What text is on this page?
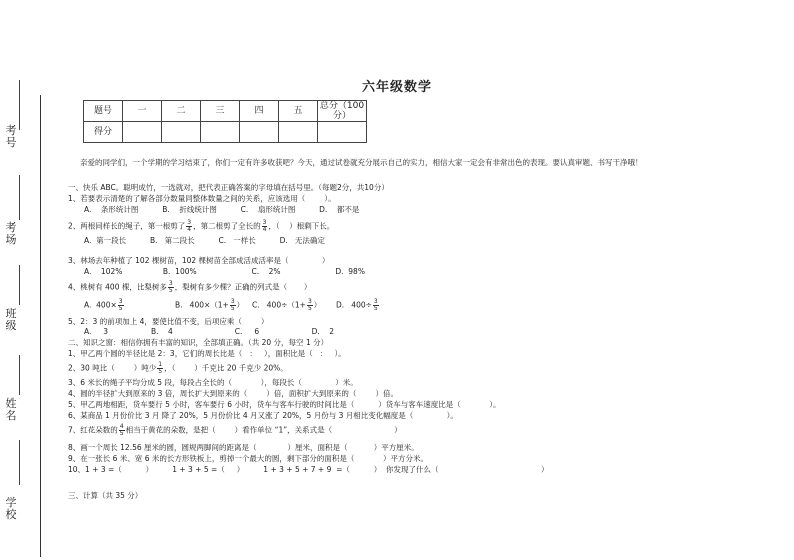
考号
考场
班级
姓名
学校
六年级数学
题号	一	二	三	四	五	总分（100分）
得分						
亲爱的同学们，一个学期的学习结束了，你们一定有许多收获吧？今天，通过试卷就充分展示自己的实力，相信大家一定会有非常出色的表现。要认真审题、书写干净哦！
一、快乐 ABC。聪明成竹，一选就对，把代表正确答案的字母填在括号里。（每题2分，共10分）
1、若要表示清楚的了解各部分数量同整体数量之间的关系，应该选用（        ）。
A.    条形统计图          B.    折线统计图          C.    扇形统计图          D.    都不是
2、两根同样长的绳子，第一根剪了 $\frac{3}{4}$ ，第二根剪了全长的 $\frac{3}{4}$ ，（    ）根剩下长。
A.  第一段长          B.   第二段长          C.   一样长          D.   无法确定
3、林场去年种植了 102 棵树苗，102 棵树苗全部成活成活率是（              ）
A.    102%                 B.  100%                       C.    2%                       D.  98%
4、桃树有 400 棵，比梨树多 $\frac{3}{5}$ ，梨树有多少棵？正确的列式是（       ）
A.  $400\times \frac{3}{5}$	B.   $400\times(1+ \frac{3}{5}$ ） C.   $400\div(1+ \frac{3}{5}$ ） D.   $400\div \frac{3}{5}$
5、2：3 的前项加上 4，要使比值不变，后项应乘（        ）
A.     3                  B.    4                          C.     6                      D.    2
二、知识之窗：相信你拥有丰富的知识，全部填正确。（共 20 分，每空 1 分）
1、甲乙两个圆的半径比是 2：3，它们的周长比是（   ：   ），面积比是（   ：   ）。
2、30 吨比（        ）吨少 $\frac{1}{5}$ ，（        ）千克比 20 千克少 20%。
3、6 米长的绳子平均分成 5 段，每段占全长的（            ），每段长（              ）米。
4、圆的半径扩大到原来的 3 倍，周长扩大到原来的（        ）倍，面积扩大到原来的（        ）倍。
5、甲乙两地相距，货车要行 5 小时，客车要行 6 小时，货车与客车行驶的时间比是（          ）货车与客车速度比是（            ）。
6、某商品 1 月份价比 3 月 降了 20%，5 月份价比 4 月又涨了 20%，5 月份与 3 月相比变化幅度是（              ）。
7、红花朵数的 $\frac{4}{5}$ 相当于黄花的朵数，是把（        ）看作单位 “1”，关系式是（                          ）
8、画一个周长 12.56 厘米的圆，圆规两脚间的距离是（             ）厘米，面积是（           ）平方厘米。
9、在一张长 6 米、宽 6 米的长方形铁板上，剪掉一个最大的圆，剩下部分的面积是（            ）平方分米。
10、1 + 3 =（          ）        1 + 3 + 5 =（     ）        1 + 3 + 5 + 7 + 9  =（          ）  你发现了什么（                                           ）
三、计算（共 35 分）
